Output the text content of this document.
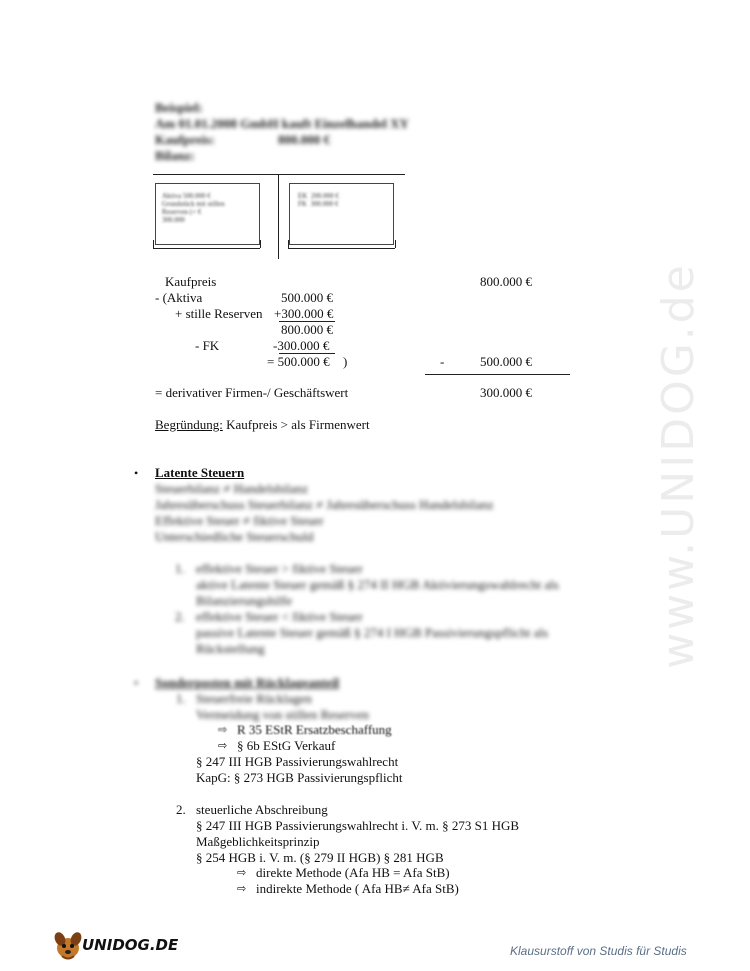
www.UNIDOG.de
Beispiel:
Am 01.01.2008 GmbH kauft Einzelhandel XY
Kaufpreis:	800.000 €
Bilanz:
Aktiva 500.000 €
Grundstück mit stillen
Reserven (+ €
300.000
EK  200.000 €
FK  300.000 €
Kaufpreis	800.000 €
- (Aktiva	500.000 €
+ stille Reserven +300.000 €
800.000 €
- FK	-300.000 €
= 500.000 € )	-	500.000 €
= derivativer Firmen-/ Geschäftswert	300.000 €
Begründung: Kaufpreis > als Firmenwert
• Latente Steuern
Steuerbilanz ≠ Handelsbilanz
Jahresüberschuss Steuerbilanz ≠ Jahresüberschuss Handelsbilanz
Effektive Steuer ≠ fiktive Steuer
Unterschiedliche Steuerschuld
1. effektive Steuer > fiktive Steuer
aktive Latente Steuer gemäß § 274 II HGB Aktivierungswahlrecht als
Bilanzierungshilfe
2. effektive Steuer < fiktive Steuer
passive Latente Steuer gemäß § 274 I HGB Passivierungspflicht als
Rückstellung
• Sonderposten mit Rücklageanteil
1. Steuerfreie Rücklagen
Vermeidung von stillen Reserven
⇨ R 35 EStR Ersatzbeschaffung
⇨ § 6b EStG Verkauf
§ 247 III HGB Passivierungswahlrecht
KapG: § 273 HGB Passivierungspflicht
2. steuerliche Abschreibung
§ 247 III HGB Passivierungswahlrecht i. V. m. § 273 S1 HGB
Maßgeblichkeitsprinzip
§ 254 HGB i. V. m. (§ 279 II HGB) § 281 HGB
⇨ direkte Methode (Afa HB = Afa StB)
⇨ indirekte Methode ( Afa HB≠ Afa StB)
UNIDOG.DE	Klausurstoff von Studis für Studis
